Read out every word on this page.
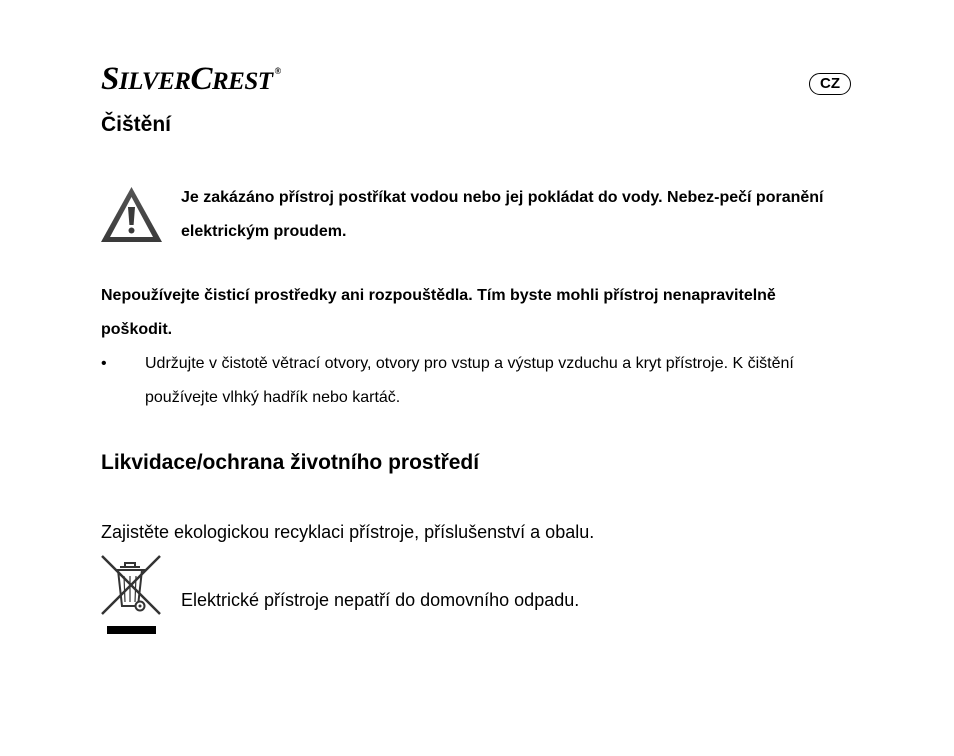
SILVERCREST ®
CZ
Čištění

Je zakázáno přístroj postříkat vodou nebo jej pokládat do vody. Nebez-pečí poranění elektrickým proudem.

Nepoužívejte čisticí prostředky ani rozpouštědla. Tím byste mohli přístroj nenapravitelně poškodit.

• Udržujte v čistotě větrací otvory, otvory pro vstup a výstup vzduchu a kryt přístroje. K čištění používejte vlhký hadřík nebo kartáč.

Likvidace/ochrana životního prostředí

Zajistěte ekologickou recyklaci přístroje, příslušenství a obalu.

Elektrické přístroje nepatří do domovního odpadu.
